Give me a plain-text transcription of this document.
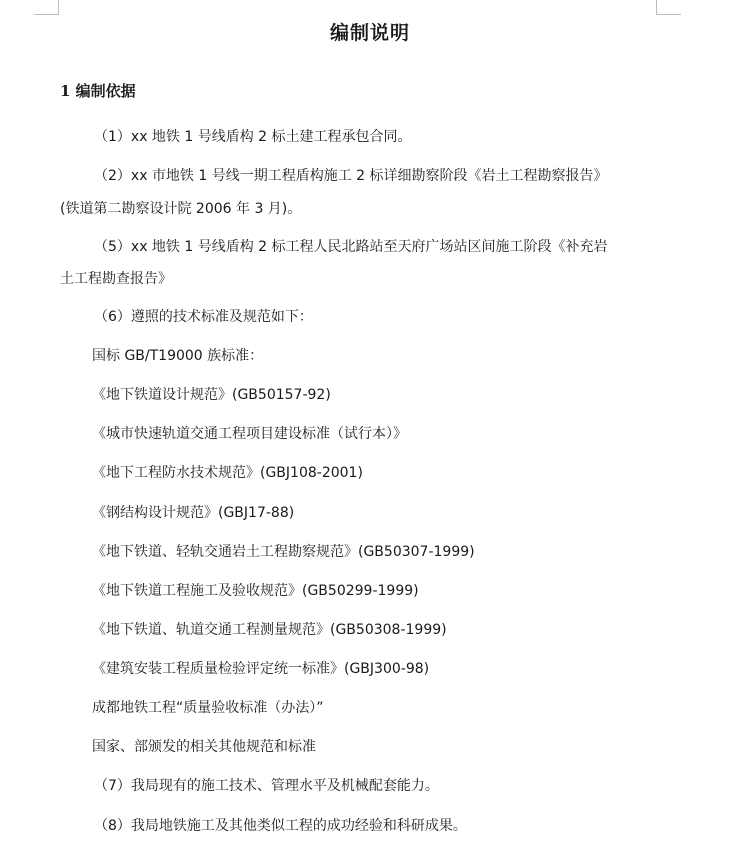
编制说明
1 编制依据
（1）xx 地铁 1 号线盾构 2 标土建工程承包合同。
（2）xx 市地铁 1 号线一期工程盾构施工 2 标详细勘察阶段《岩土工程勘察报告》
(铁道第二勘察设计院 2006 年 3 月)。
（5）xx 地铁 1 号线盾构 2 标工程人民北路站至天府广场站区间施工阶段《补充岩
土工程勘查报告》
（6）遵照的技术标准及规范如下：
国标 GB/T19000 族标准：
《地下铁道设计规范》(GB50157-92)
《城市快速轨道交通工程项目建设标准（试行本）》
《地下工程防水技术规范》(GBJ108-2001)
《钢结构设计规范》(GBJ17-88)
《地下铁道、轻轨交通岩土工程勘察规范》(GB50307-1999)
《地下铁道工程施工及验收规范》(GB50299-1999)
《地下铁道、轨道交通工程测量规范》(GB50308-1999)
《建筑安装工程质量检验评定统一标准》(GBJ300-98)
成都地铁工程“质量验收标准（办法）”
国家、部颁发的相关其他规范和标准
（7）我局现有的施工技术、管理水平及机械配套能力。
（8）我局地铁施工及其他类似工程的成功经验和科研成果。
